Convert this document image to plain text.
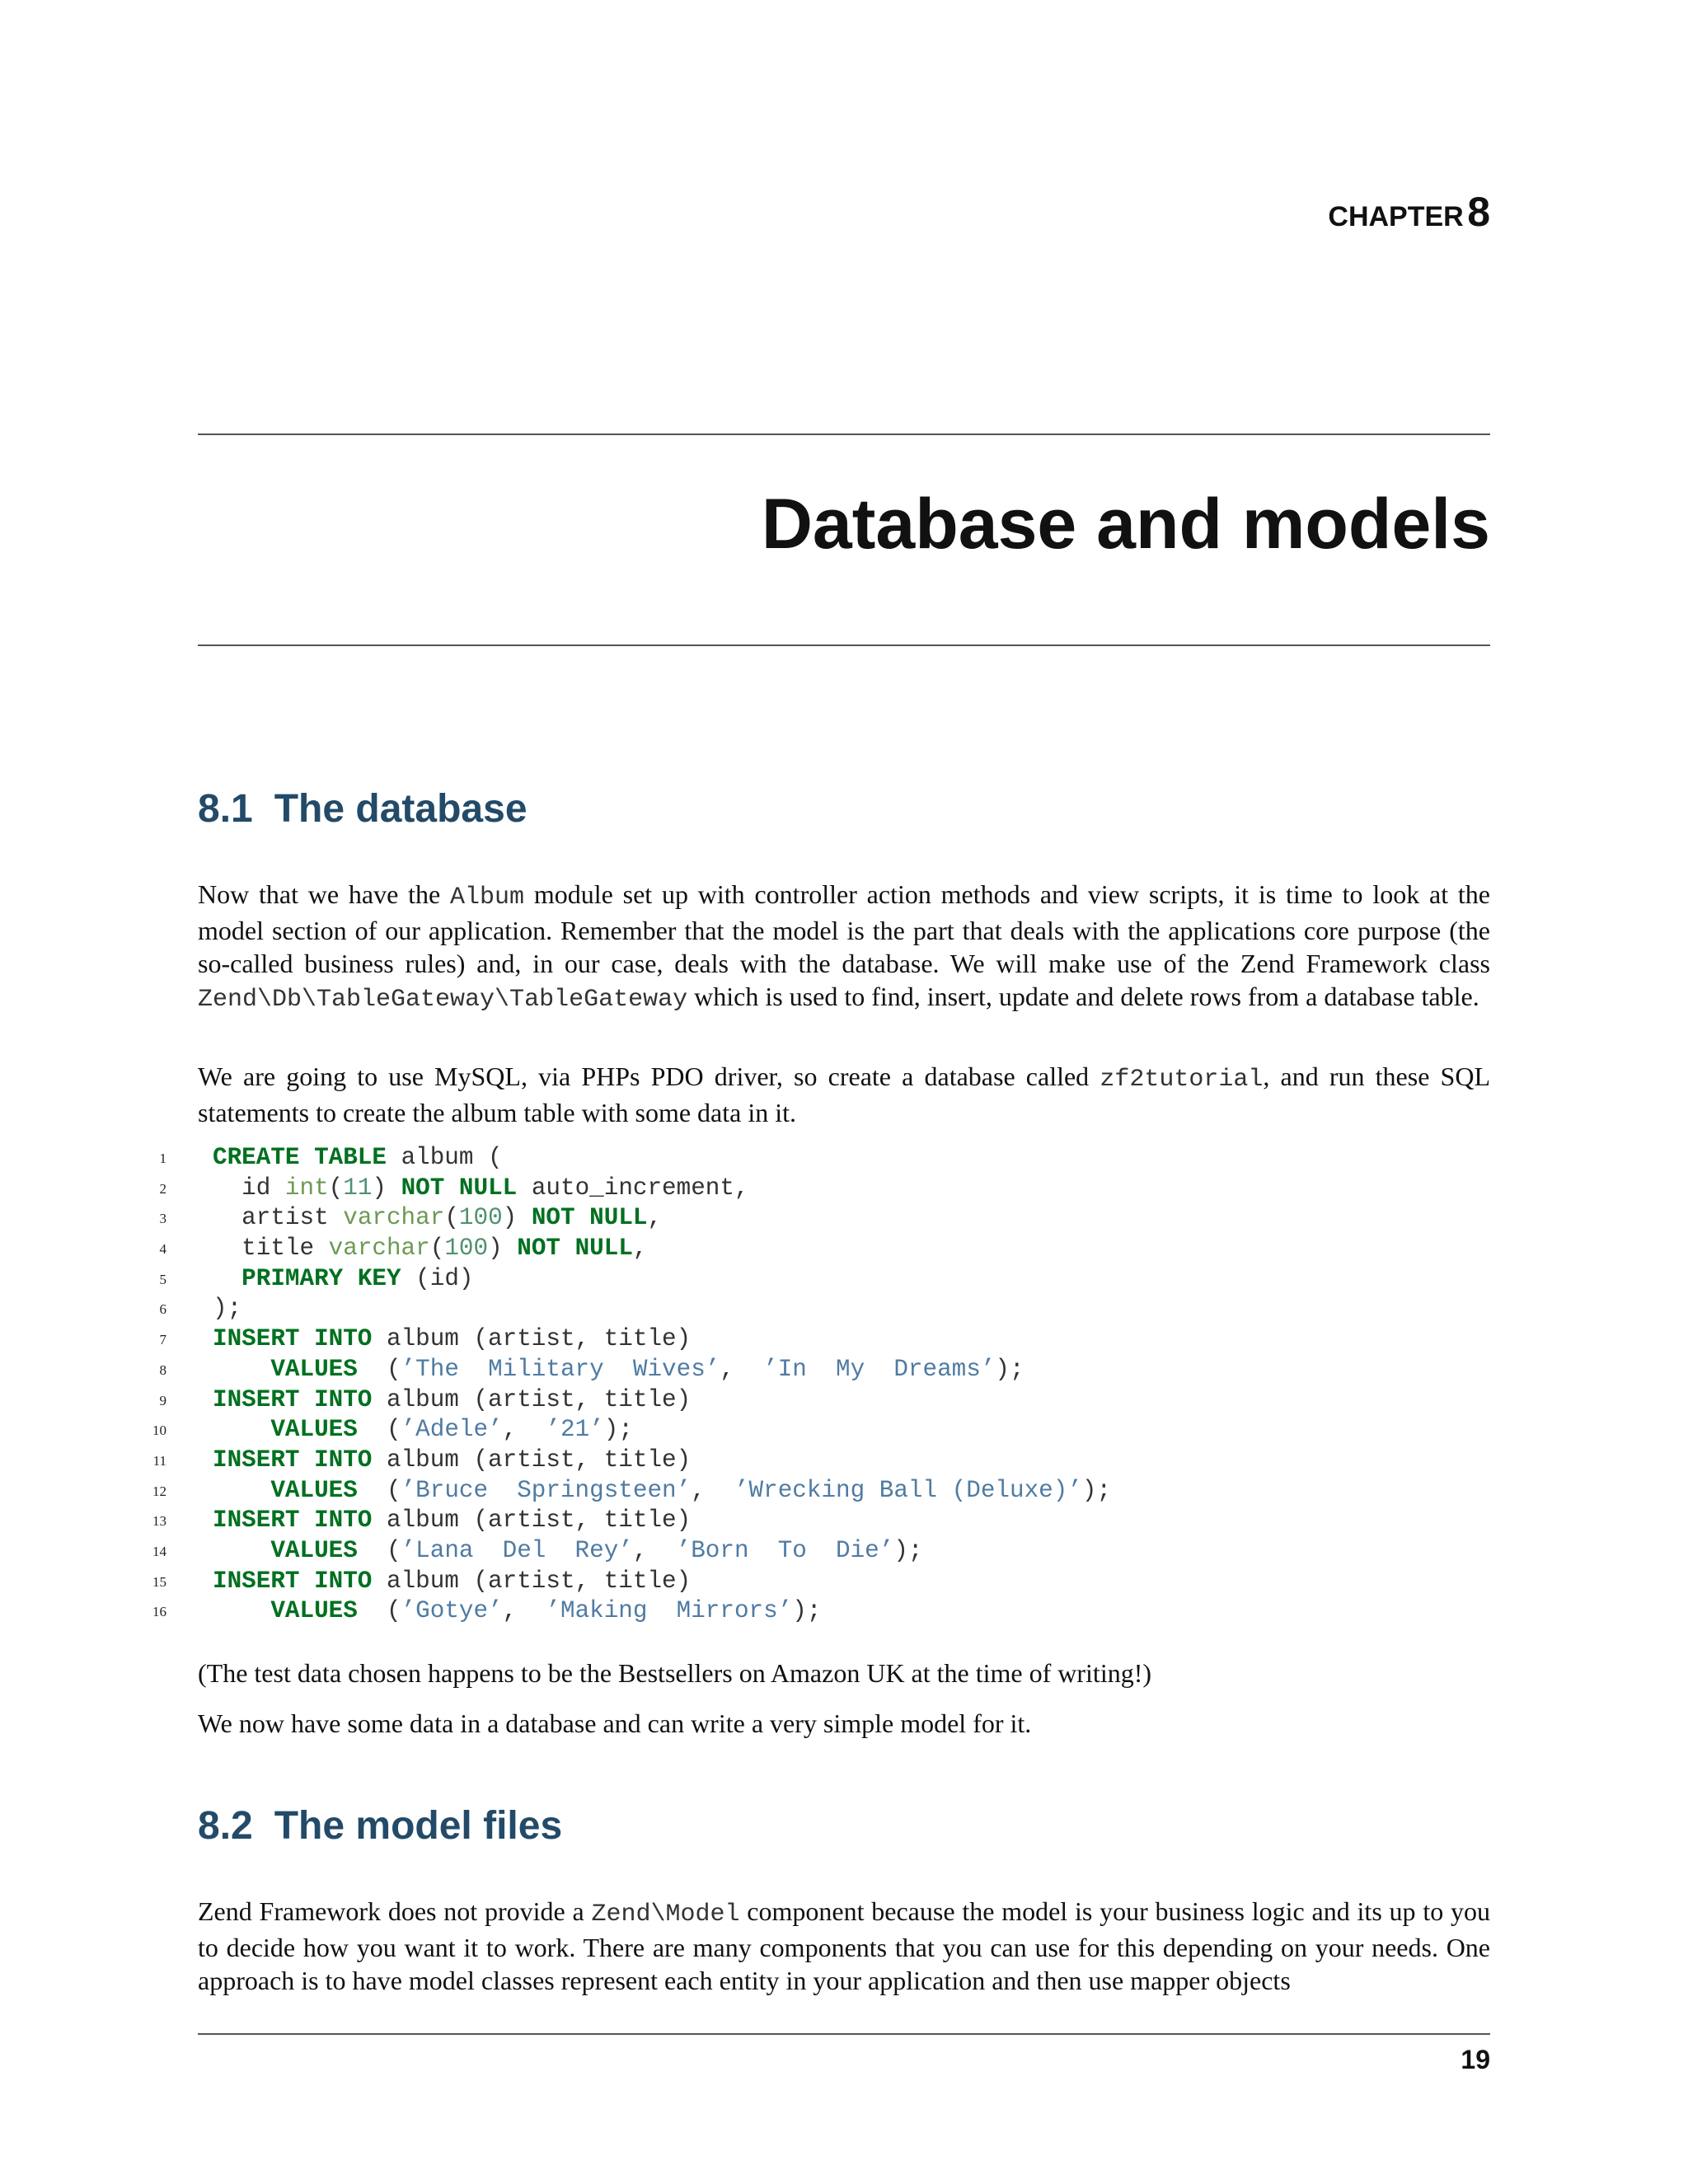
CHAPTER 8
Database and models
8.1 The database

Now that we have the Album module set up with controller action methods and view scripts, it is time to look at the model section of our application. Remember that the model is the part that deals with the applications core purpose (the so-called business rules) and, in our case, deals with the database. We will make use of the Zend Framework class Zend\Db\TableGateway\TableGateway which is used to find, insert, update and delete rows from a database table.

We are going to use MySQL, via PHPs PDO driver, so create a database called zf2tutorial, and run these SQL statements to create the album table with some data in it.

1 CREATE TABLE album (
2 id int(11) NOT NULL auto_increment,
3 artist varchar(100) NOT NULL,
4 title varchar(100) NOT NULL,
5	PRIMARY KEY (id)
6 );
7 INSERT INTO album (artist, title)
8	VALUES  (’The  Military  Wives’,  ’In  My  Dreams’);
9 INSERT INTO album (artist, title)
10	VALUES  (’Adele’,  ’21’);
11 INSERT INTO album (artist, title)
12	VALUES  (’Bruce  Springsteen’,  ’Wrecking Ball (Deluxe)’);
13 INSERT INTO album (artist, title)
14	VALUES  (’Lana  Del  Rey’,  ’Born  To  Die’);
15 INSERT INTO album (artist, title)
16	VALUES  (’Gotye’,  ’Making  Mirrors’);

(The test data chosen happens to be the Bestsellers on Amazon UK at the time of writing!)

We now have some data in a database and can write a very simple model for it.

8.2 The model files

Zend Framework does not provide a Zend\Model component because the model is your business logic and its up to you to decide how you want it to work. There are many components that you can use for this depending on your needs. One approach is to have model classes represent each entity in your application and then use mapper objects

19
